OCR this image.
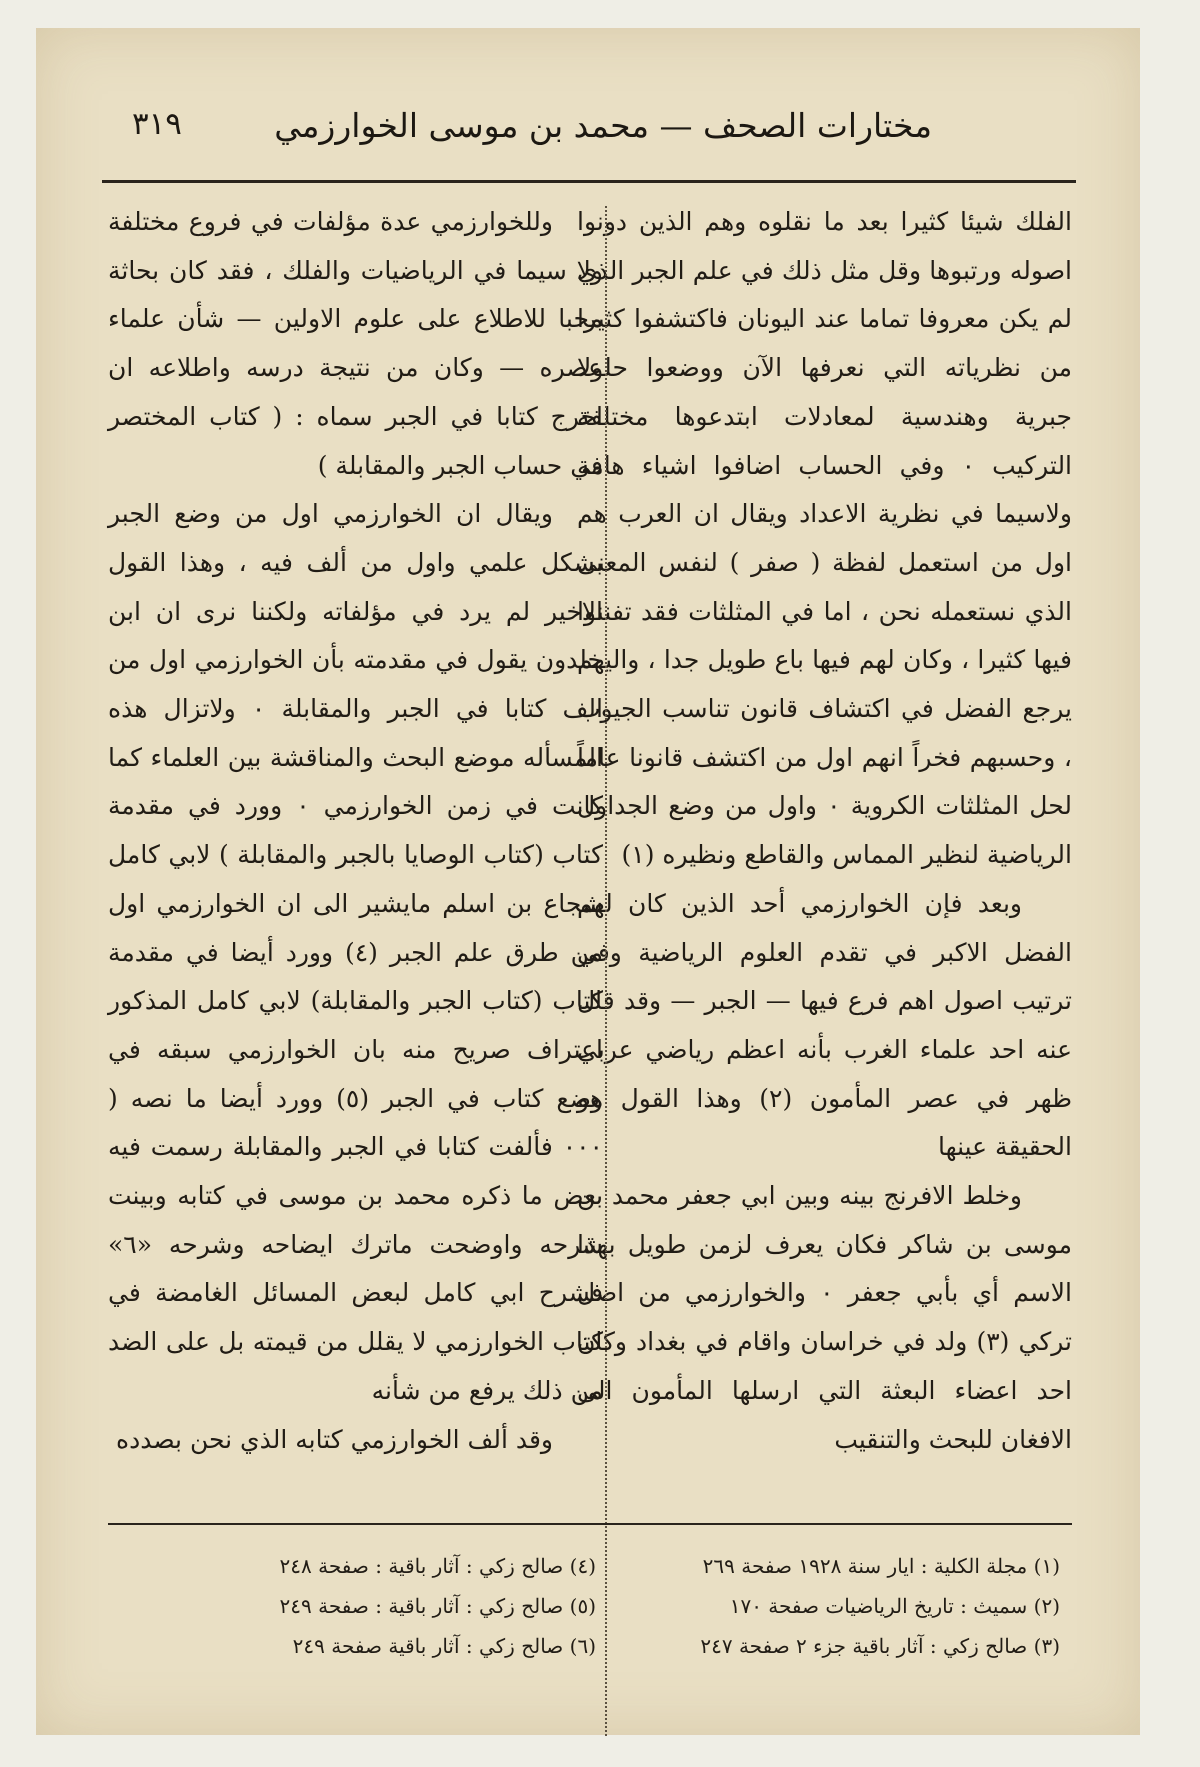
مختارات الصحف — محمد بن موسى الخوارزمي
٣١٩

الفلك شيئا كثيرا بعد ما نقلوه وهم الذين دونوا اصوله ورتبوها وقل مثل ذلك في علم الجبر الذي لم يكن معروفا تماما عند اليونان فاكتشفوا كثيرا من نظرياته التي نعرفها الآن ووضعوا حلولا جبرية وهندسية لمعادلات ابتدعوها مختلفة التركيب ٠ وفي الحساب اضافوا اشياء هامة ولاسيما في نظرية الاعداد ويقال ان العرب هم اول من استعمل لفظة ( صفر ) لنفس المعنى الذي نستعمله نحن ، اما في المثلثات فقد تفننوا فيها كثيرا ، وكان لهم فيها باع طويل جدا ، واليهم يرجع الفضل في اكتشاف قانون تناسب الجيوب ، وحسبهم فخراً انهم اول من اكتشف قانونا عاماً لحل المثلثات الكروية ٠ واول من وضع الجداول الرياضية لنظير المماس والقاطع ونظيره (١)

وبعد فإن الخوارزمي أحد الذين كان لهم الفضل الاكبر في تقدم العلوم الرياضية وفي ترتيب اصول اهم فرع فيها — الجبر — وقد قال عنه احد علماء الغرب بأنه اعظم رياضي عربي ظهر في عصر المأمون (٢) وهذا القول هو الحقيقة عينها

وخلط الافرنج بينه وبين ابي جعفر محمد بن موسى بن شاكر فكان يعرف لزمن طويل بهذا الاسم أي بأبي جعفر ٠ والخوارزمي من اصل تركي (٣) ولد في خراسان واقام في بغداد وكان احد اعضاء البعثة التي ارسلها المأمون الى الافغان للبحث والتنقيب

وللخوارزمي عدة مؤلفات في فروع مختلفة ولا سيما في الرياضيات والفلك ، فقد كان بحاثة محبا للاطلاع على علوم الاولين — شأن علماء عصره — وكان من نتيجة درسه واطلاعه ان اخرج كتابا في الجبر سماه : ( كتاب المختصر في حساب الجبر والمقابلة )

ويقال ان الخوارزمي اول من وضع الجبر بشكل علمي واول من ألف فيه ، وهذا القول الاخير لم يرد في مؤلفاته ولكننا نرى ان ابن خلدون يقول في مقدمته بأن الخوارزمي اول من الف كتابا في الجبر والمقابلة ٠ ولاتزال هذه المسأله موضع البحث والمناقشة بين العلماء كما كانت في زمن الخوارزمي ٠ وورد في مقدمة كتاب (كتاب الوصايا بالجبر والمقابلة ) لابي كامل شجاع بن اسلم مايشير الى ان الخوارزمي اول من طرق علم الجبر (٤) وورد أيضا في مقدمة كتاب (كتاب الجبر والمقابلة) لابي كامل المذكور اعتراف صريح منه بان الخوارزمي سبقه في وضع كتاب في الجبر (٥) وورد أيضا ما نصه ( ٠٠٠ فألفت كتابا في الجبر والمقابلة رسمت فيه بعض ما ذكره محمد بن موسى في كتابه وبينت شرحه واوضحت ماترك ايضاحه وشرحه «٦» فشرح ابي كامل لبعض المسائل الغامضة في كتاب الخوارزمي لا يقلل من قيمته بل على الضد من ذلك يرفع من شأنه

وقد ألف الخوارزمي كتابه الذي نحن بصدده

(١) مجلة الكلية : ايار سنة ١٩٢٨ صفحة ٢٦٩
(٢) سميث : تاريخ الرياضيات صفحة ١٧٠
(٣) صالح زكي : آثار باقية جزء ٢ صفحة ٢٤٧
(٤) صالح زكي : آثار باقية : صفحة ٢٤٨
(٥) صالح زكي : آثار باقية : صفحة ٢٤٩
(٦) صالح زكي : آثار باقية صفحة ٢٤٩
